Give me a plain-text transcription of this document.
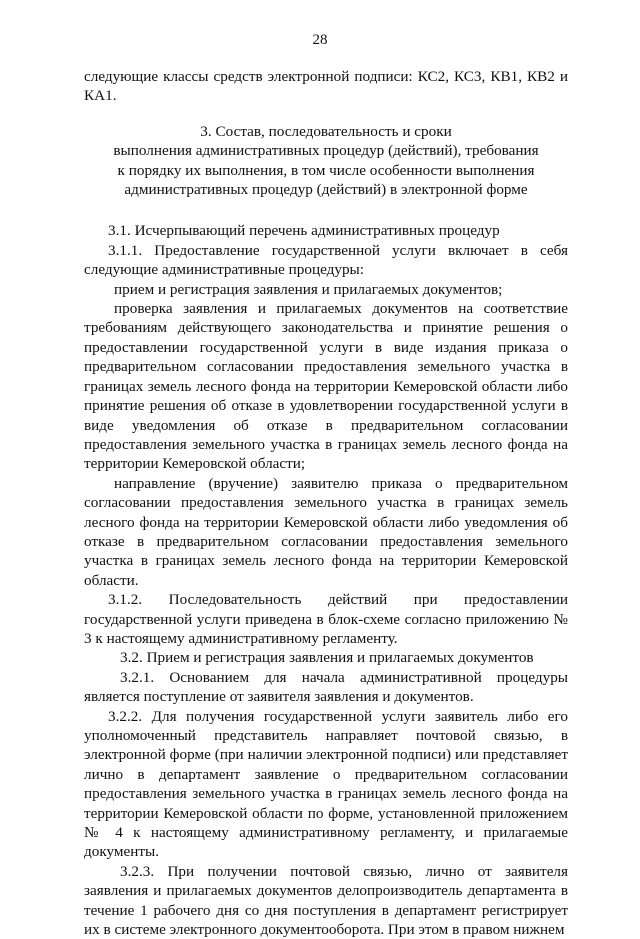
28

следующие классы средств электронной подписи: КС2, КС3, КВ1, КВ2 и КА1.

3. Состав, последовательность и сроки
выполнения административных процедур (действий), требования
к порядку их выполнения, в том числе особенности выполнения
административных процедур (действий) в электронной форме

3.1. Исчерпывающий перечень административных процедур

3.1.1. Предоставление государственной услуги включает в себя следующие административные процедуры:

прием и регистрация заявления и прилагаемых документов;

проверка заявления и прилагаемых документов на соответствие требованиям действующего законодательства и принятие решения о предоставлении государственной услуги в виде издания приказа о предварительном согласовании предоставления земельного участка в границах земель лесного фонда на территории Кемеровской области либо принятие решения об отказе в удовлетворении государственной услуги в виде уведомления об отказе в предварительном согласовании предоставления земельного участка в границах земель лесного фонда на территории Кемеровской области;

направление (вручение) заявителю приказа о предварительном согласовании предоставления земельного участка в границах земель лесного фонда на территории Кемеровской области либо уведомления об отказе в предварительном согласовании предоставления земельного участка в границах земель лесного фонда на территории Кемеровской области.

3.1.2. Последовательность действий при предоставлении

государственной услуги приведена в блок-схеме согласно приложению № 3 к настоящему административному регламенту.

3.2. Прием и регистрация заявления и прилагаемых документов

3.2.1. Основанием для начала административной процедуры является поступление от заявителя заявления и документов.

3.2.2. Для получения государственной услуги заявитель либо его уполномоченный представитель направляет почтовой связью, в электронной форме (при наличии электронной подписи) или представляет лично в департамент заявление о предварительном согласовании предоставления земельного участка в границах земель лесного фонда на территории Кемеровской области по форме, установленной приложением № 4 к настоящему административному регламенту, и прилагаемые документы.

3.2.3. При получении почтовой связью, лично от заявителя заявления и прилагаемых документов делопроизводитель департамента в течение 1 рабочего дня со дня поступления в департамент регистрирует их в системе электронного документооборота. При этом в правом нижнем
